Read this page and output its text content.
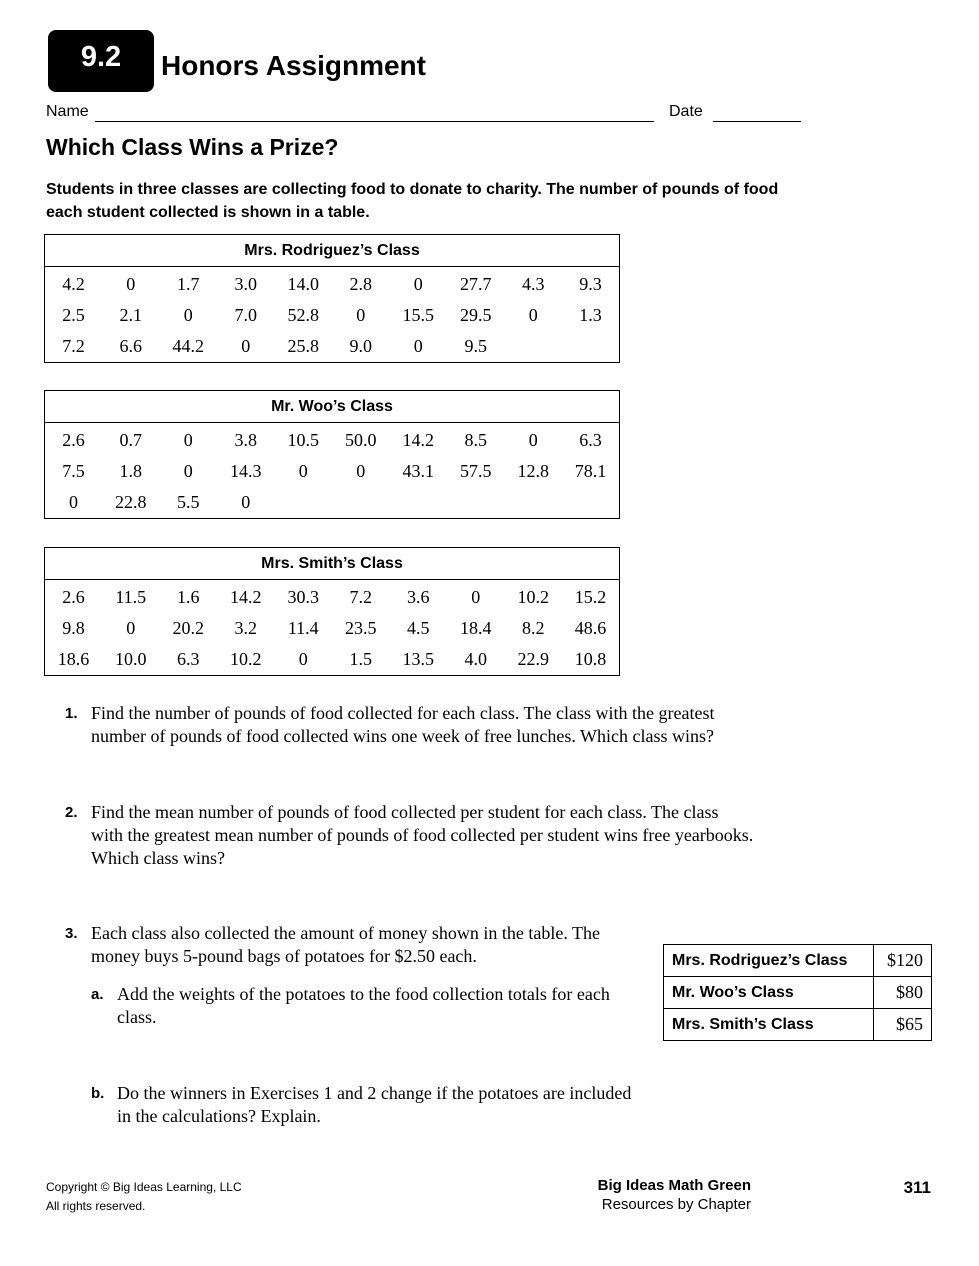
9.2 Honors Assignment
Name	Date
Which Class Wins a Prize?
Students in three classes are collecting food to donate to charity. The number of pounds of food each student collected is shown in a table.
Mrs. Rodriguez’s Class									
4.2	0	1.7	3.0	14.0	2.8	0	27.7	4.3	9.3
2.5	2.1	0	7.0	52.8	0	15.5	29.5	0	1.3
7.2	6.6	44.2	0	25.8	9.0	0	9.5		
Mr. Woo’s Class									
2.6	0.7	0	3.8	10.5	50.0	14.2	8.5	0	6.3
7.5	1.8	0	14.3	0	0	43.1	57.5	12.8	78.1
0	22.8	5.5	0						
Mrs. Smith’s Class									
2.6	11.5	1.6	14.2	30.3	7.2	3.6	0	10.2	15.2
9.8	0	20.2	3.2	11.4	23.5	4.5	18.4	8.2	48.6
18.6	10.0	6.3	10.2	0	1.5	13.5	4.0	22.9	10.8
1. Find the number of pounds of food collected for each class. The class with the greatest
number of pounds of food collected wins one week of free lunches. Which class wins?
2. Find the mean number of pounds of food collected per student for each class. The class
with the greatest mean number of pounds of food collected per student wins free yearbooks.
Which class wins?
3. Each class also collected the amount of money shown in the table. The
money buys 5-pound bags of potatoes for $2.50 each.
a. Add the weights of the potatoes to the food collection totals for each
class.
b. Do the winners in Exercises 1 and 2 change if the potatoes are included
in the calculations? Explain.
Mrs. Rodriguez’s Class	$120
Mr. Woo’s Class	$80
Mrs. Smith’s Class	$65
Copyright © Big Ideas Learning, LLC
All rights reserved.
Big Ideas Math Green
Resources by Chapter
311
